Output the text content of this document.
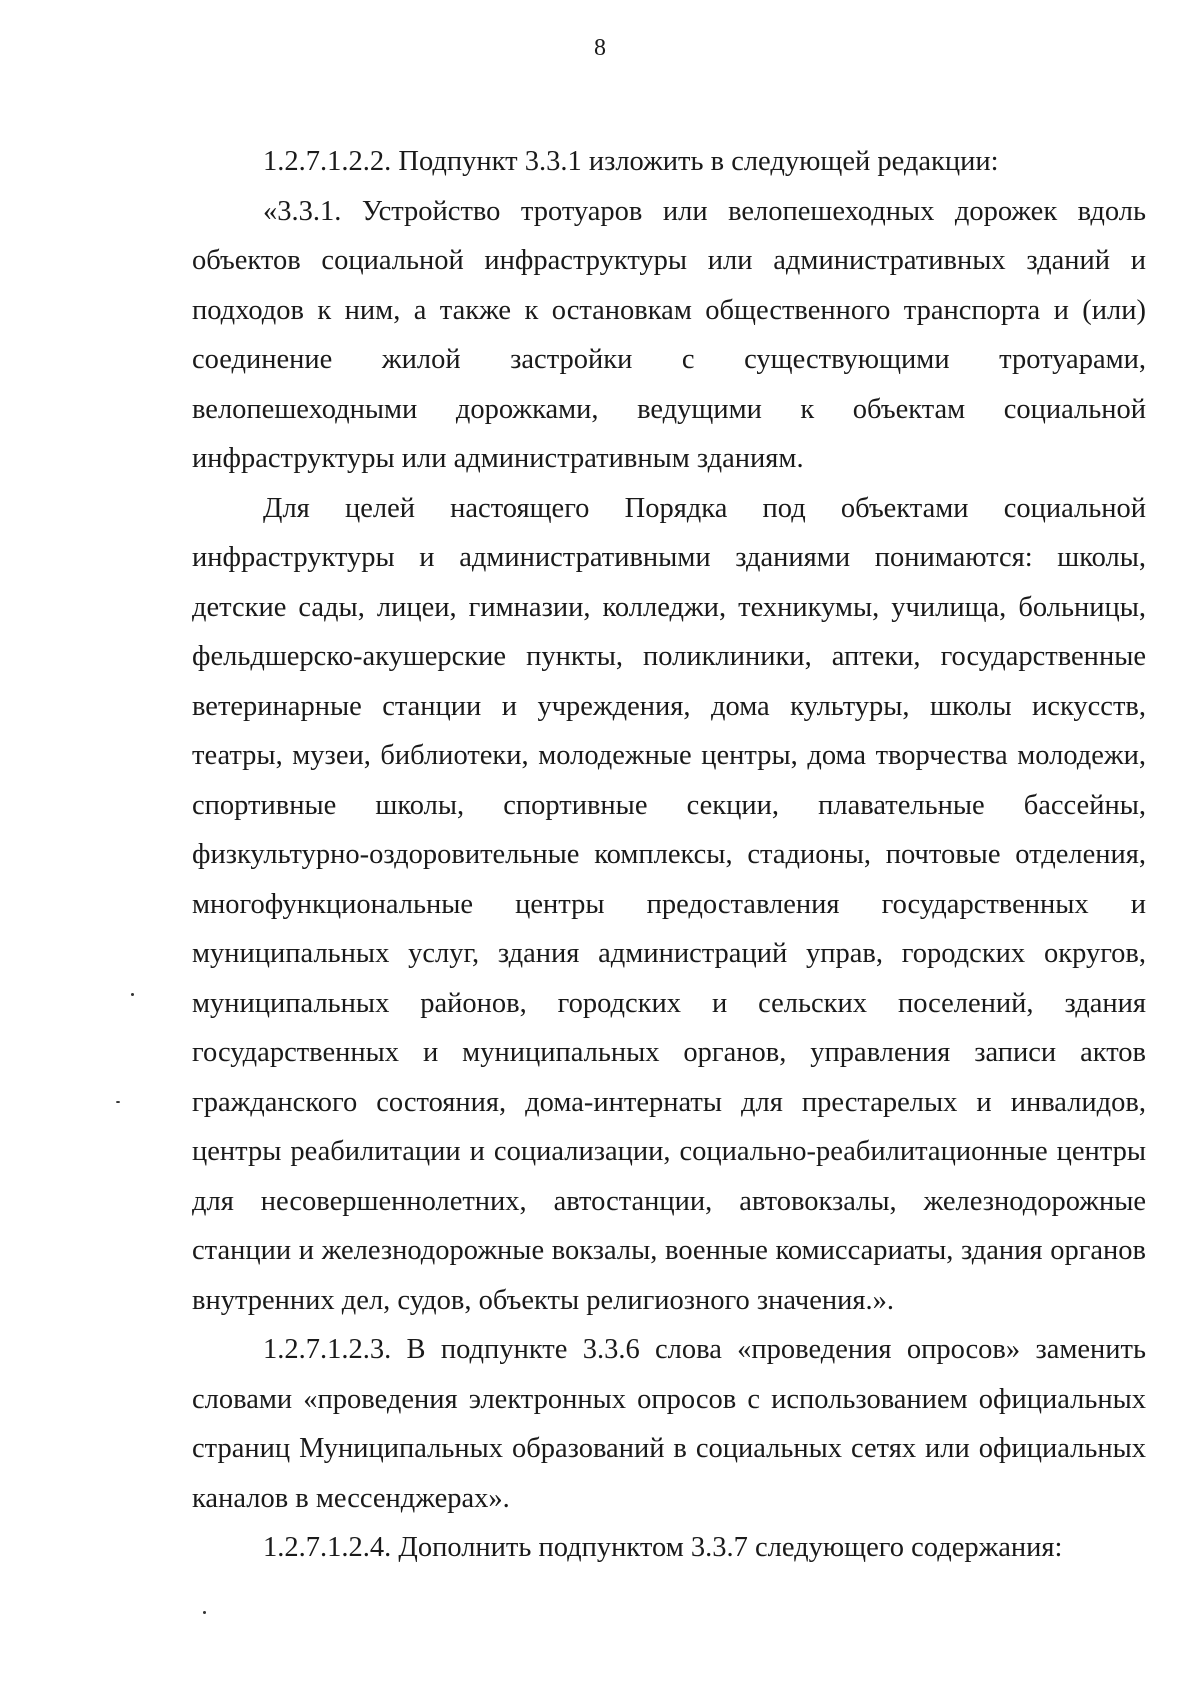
8

1.2.7.1.2.2. Подпункт 3.3.1 изложить в следующей редакции:

«3.3.1. Устройство тротуаров или велопешеходных дорожек вдоль объектов социальной инфраструктуры или административных зданий и подходов к ним, а также к остановкам общественного транспорта и (или) соединение жилой застройки с существующими тротуарами, велопешеходными дорожками, ведущими к объектам социальной инфраструктуры или административным зданиям.

Для целей настоящего Порядка под объектами социальной инфраструктуры и административными зданиями понимаются: школы, детские сады, лицеи, гимназии, колледжи, техникумы, училища, больницы, фельдшерско-акушерские пункты, поликлиники, аптеки, государственные ветеринарные станции и учреждения, дома культуры, школы искусств, театры, музеи, библиотеки, молодежные центры, дома творчества молодежи, спортивные школы, спортивные секции, плавательные бассейны, физкультурно-оздоровительные комплексы, стадионы, почтовые отделения, многофункциональные центры предоставления государственных и муниципальных услуг, здания администраций управ, городских округов, муниципальных районов, городских и сельских поселений, здания государственных и муниципальных органов, управления записи актов гражданского состояния, дома-интернаты для престарелых и инвалидов, центры реабилитации и социализации, социально-реабилитационные центры для несовершеннолетних, автостанции, автовокзалы, железнодорожные станции и железнодорожные вокзалы, военные комиссариаты, здания органов внутренних дел, судов, объекты религиозного значения.».

1.2.7.1.2.3. В подпункте 3.3.6 слова «проведения опросов» заменить словами «проведения электронных опросов с использованием официальных страниц Муниципальных образований в социальных сетях или официальных каналов в мессенджерах».

1.2.7.1.2.4. Дополнить подпунктом 3.3.7 следующего содержания:
